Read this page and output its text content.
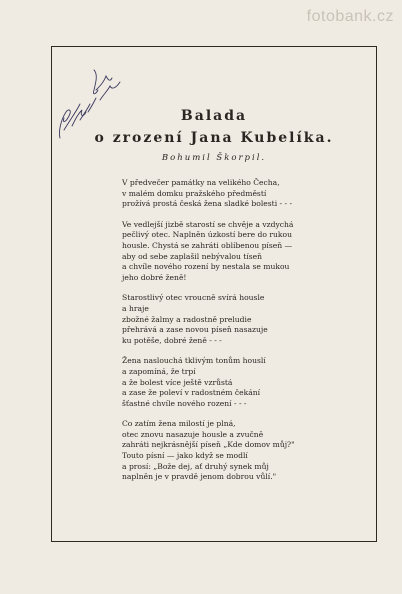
fotobank.cz
Balada
o zrození Jana Kubelíka.
Bohumil Škorpil.
V předvečer památky na velikého Čecha,
v malém domku pražského předměstí
prožívá prostá česká žena sladké bolesti - - -
Ve vedlejší jizbě starostí se chvěje a vzdychá
pečlivý otec. Naplněn úzkostí bere do rukou
housle. Chystá se zahráti oblíbenou píseň —
aby od sebe zaplašil nebývalou tíseň
a chvíle nového rození by nestala se mukou
jeho dobré ženě!
Starostlivý otec vroucně svírá housle
a hraje
zbožné žalmy a radostně preludie
přehrává a zase novou píseň nasazuje
ku potěše, dobré ženě - - -
Žena naslouchá tklivým tonům houslí
a zapomíná, že trpí
a že bolest více ještě vzrůstá
a zase že poleví v radostném čekání
šťastné chvíle nového rození - - -
Co zatím žena milostí je plná,
otec znovu nasazuje housle a zvučně
zahráti nejkrásnější píseň „Kde domov můj?"
Touto písní — jako když se modlí
a prosí: „Bože dej, ať druhý synek můj
naplněn je v pravdě jenom dobrou vůlí."
